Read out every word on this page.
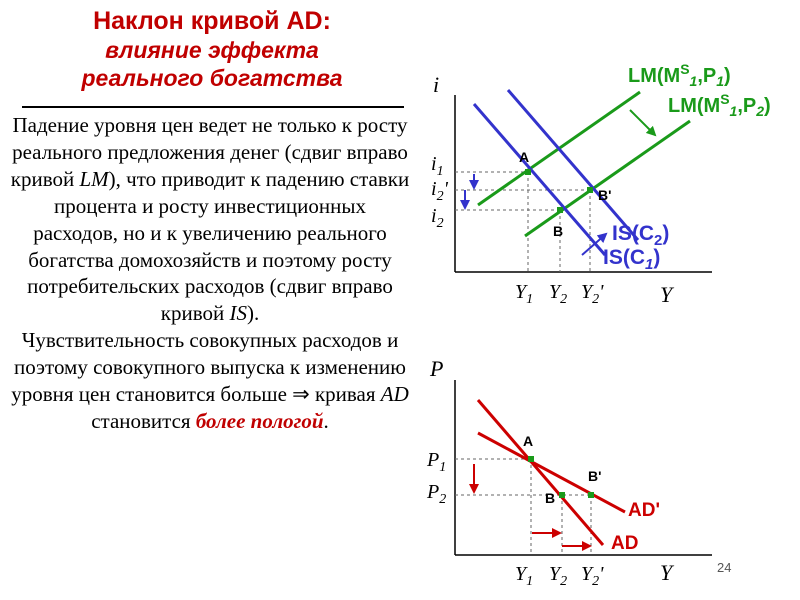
Наклон кривой AD:
влияние эффекта
реального богатства

Падение уровня цен ведет не только к росту реального предложения денег (сдвиг вправо кривой LM), что приводит к падению ставки процента и росту инвестиционных расходов, но и к увеличению реального богатства домохозяйств и поэтому росту потребительских расходов (сдвиг вправо кривой IS).

Чувствительность совокупных расходов и поэтому совокупного выпуска к изменению уровня цен становится больше ⇒ кривая AD становится более пологой.

i
Y
A
B
B'
$LM(M^S_1,P_1)$
$LM(M^S_1,P_2)$
$IS(C_2)$
$IS(C_1)$
$i_1$
$i_2'$
$i_2$
$Y_1$ $Y_2$ $Y_2'$
P
Y
A
B
B'
AD'
AD
$P_1$
$P_2$
$Y_1$ $Y_2$ $Y_2'$	24
